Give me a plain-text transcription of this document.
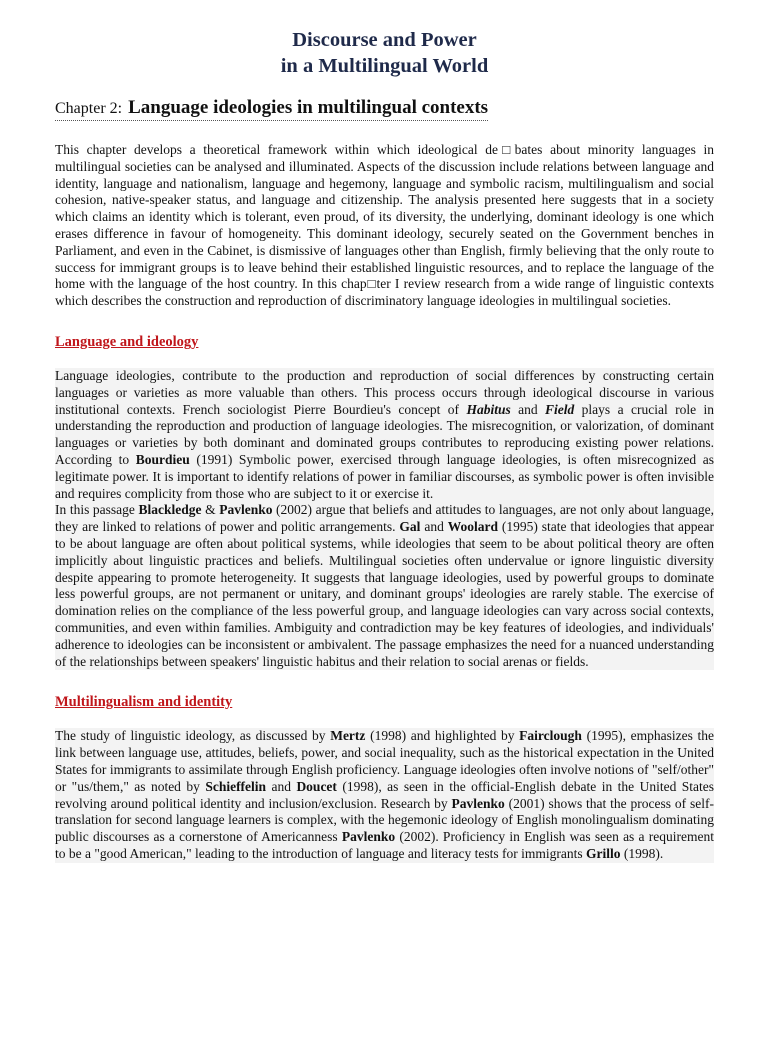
Discourse and Power
in a Multilingual World
Chapter 2: Language ideologies in multilingual contexts

This chapter develops a theoretical framework within which ideological de□bates about minority languages in multilingual societies can be analysed and illuminated. Aspects of the discussion include relations between language and identity, language and nationalism, language and hegemony, language and symbolic racism, multilingualism and social cohesion, native-speaker status, and language and citizenship. The analysis presented here suggests that in a society which claims an identity which is tolerant, even proud, of its diversity, the underlying, dominant ideology is one which erases difference in favour of homogeneity. This dominant ideology, securely seated on the Government benches in Parliament, and even in the Cabinet, is dismissive of languages other than English, firmly believing that the only route to success for immigrant groups is to leave behind their established linguistic resources, and to replace the language of the home with the language of the host country. In this chap□ter I review research from a wide range of linguistic contexts which describes the construction and reproduction of discriminatory language ideologies in multilingual societies.

Language and ideology

Language ideologies, contribute to the production and reproduction of social differences by constructing certain languages or varieties as more valuable than others. This process occurs through ideological discourse in various institutional contexts. French sociologist Pierre Bourdieu's concept of Habitus and Field plays a crucial role in understanding the reproduction and production of language ideologies. The misrecognition, or valorization, of dominant languages or varieties by both dominant and dominated groups contributes to reproducing existing power relations. According to Bourdieu (1991) Symbolic power, exercised through language ideologies, is often misrecognized as legitimate power. It is important to identify relations of power in familiar discourses, as symbolic power is often invisible and requires complicity from those who are subject to it or exercise it.

In this passage Blackledge & Pavlenko (2002) argue that beliefs and attitudes to languages, are not only about language, they are linked to relations of power and politic arrangements. Gal and Woolard (1995) state that ideologies that appear to be about language are often about political systems, while ideologies that seem to be about political theory are often implicitly about linguistic practices and beliefs. Multilingual societies often undervalue or ignore linguistic diversity despite appearing to promote heterogeneity. It suggests that language ideologies, used by powerful groups to dominate less powerful groups, are not permanent or unitary, and dominant groups' ideologies are rarely stable. The exercise of domination relies on the compliance of the less powerful group, and language ideologies can vary across social contexts, communities, and even within families. Ambiguity and contradiction may be key features of ideologies, and individuals' adherence to ideologies can be inconsistent or ambivalent. The passage emphasizes the need for a nuanced understanding of the relationships between speakers' linguistic habitus and their relation to social arenas or fields.

Multilingualism and identity

The study of linguistic ideology, as discussed by Mertz (1998) and highlighted by Fairclough (1995), emphasizes the link between language use, attitudes, beliefs, power, and social inequality, such as the historical expectation in the United States for immigrants to assimilate through English proficiency. Language ideologies often involve notions of "self/other" or "us/them," as noted by Schieffelin and Doucet (1998), as seen in the official-English debate in the United States revolving around political identity and inclusion/exclusion. Research by Pavlenko (2001) shows that the process of self-translation for second language learners is complex, with the hegemonic ideology of English monolingualism dominating public discourses as a cornerstone of Americanness Pavlenko (2002). Proficiency in English was seen as a requirement to be a "good American," leading to the introduction of language and literacy tests for immigrants Grillo (1998).
